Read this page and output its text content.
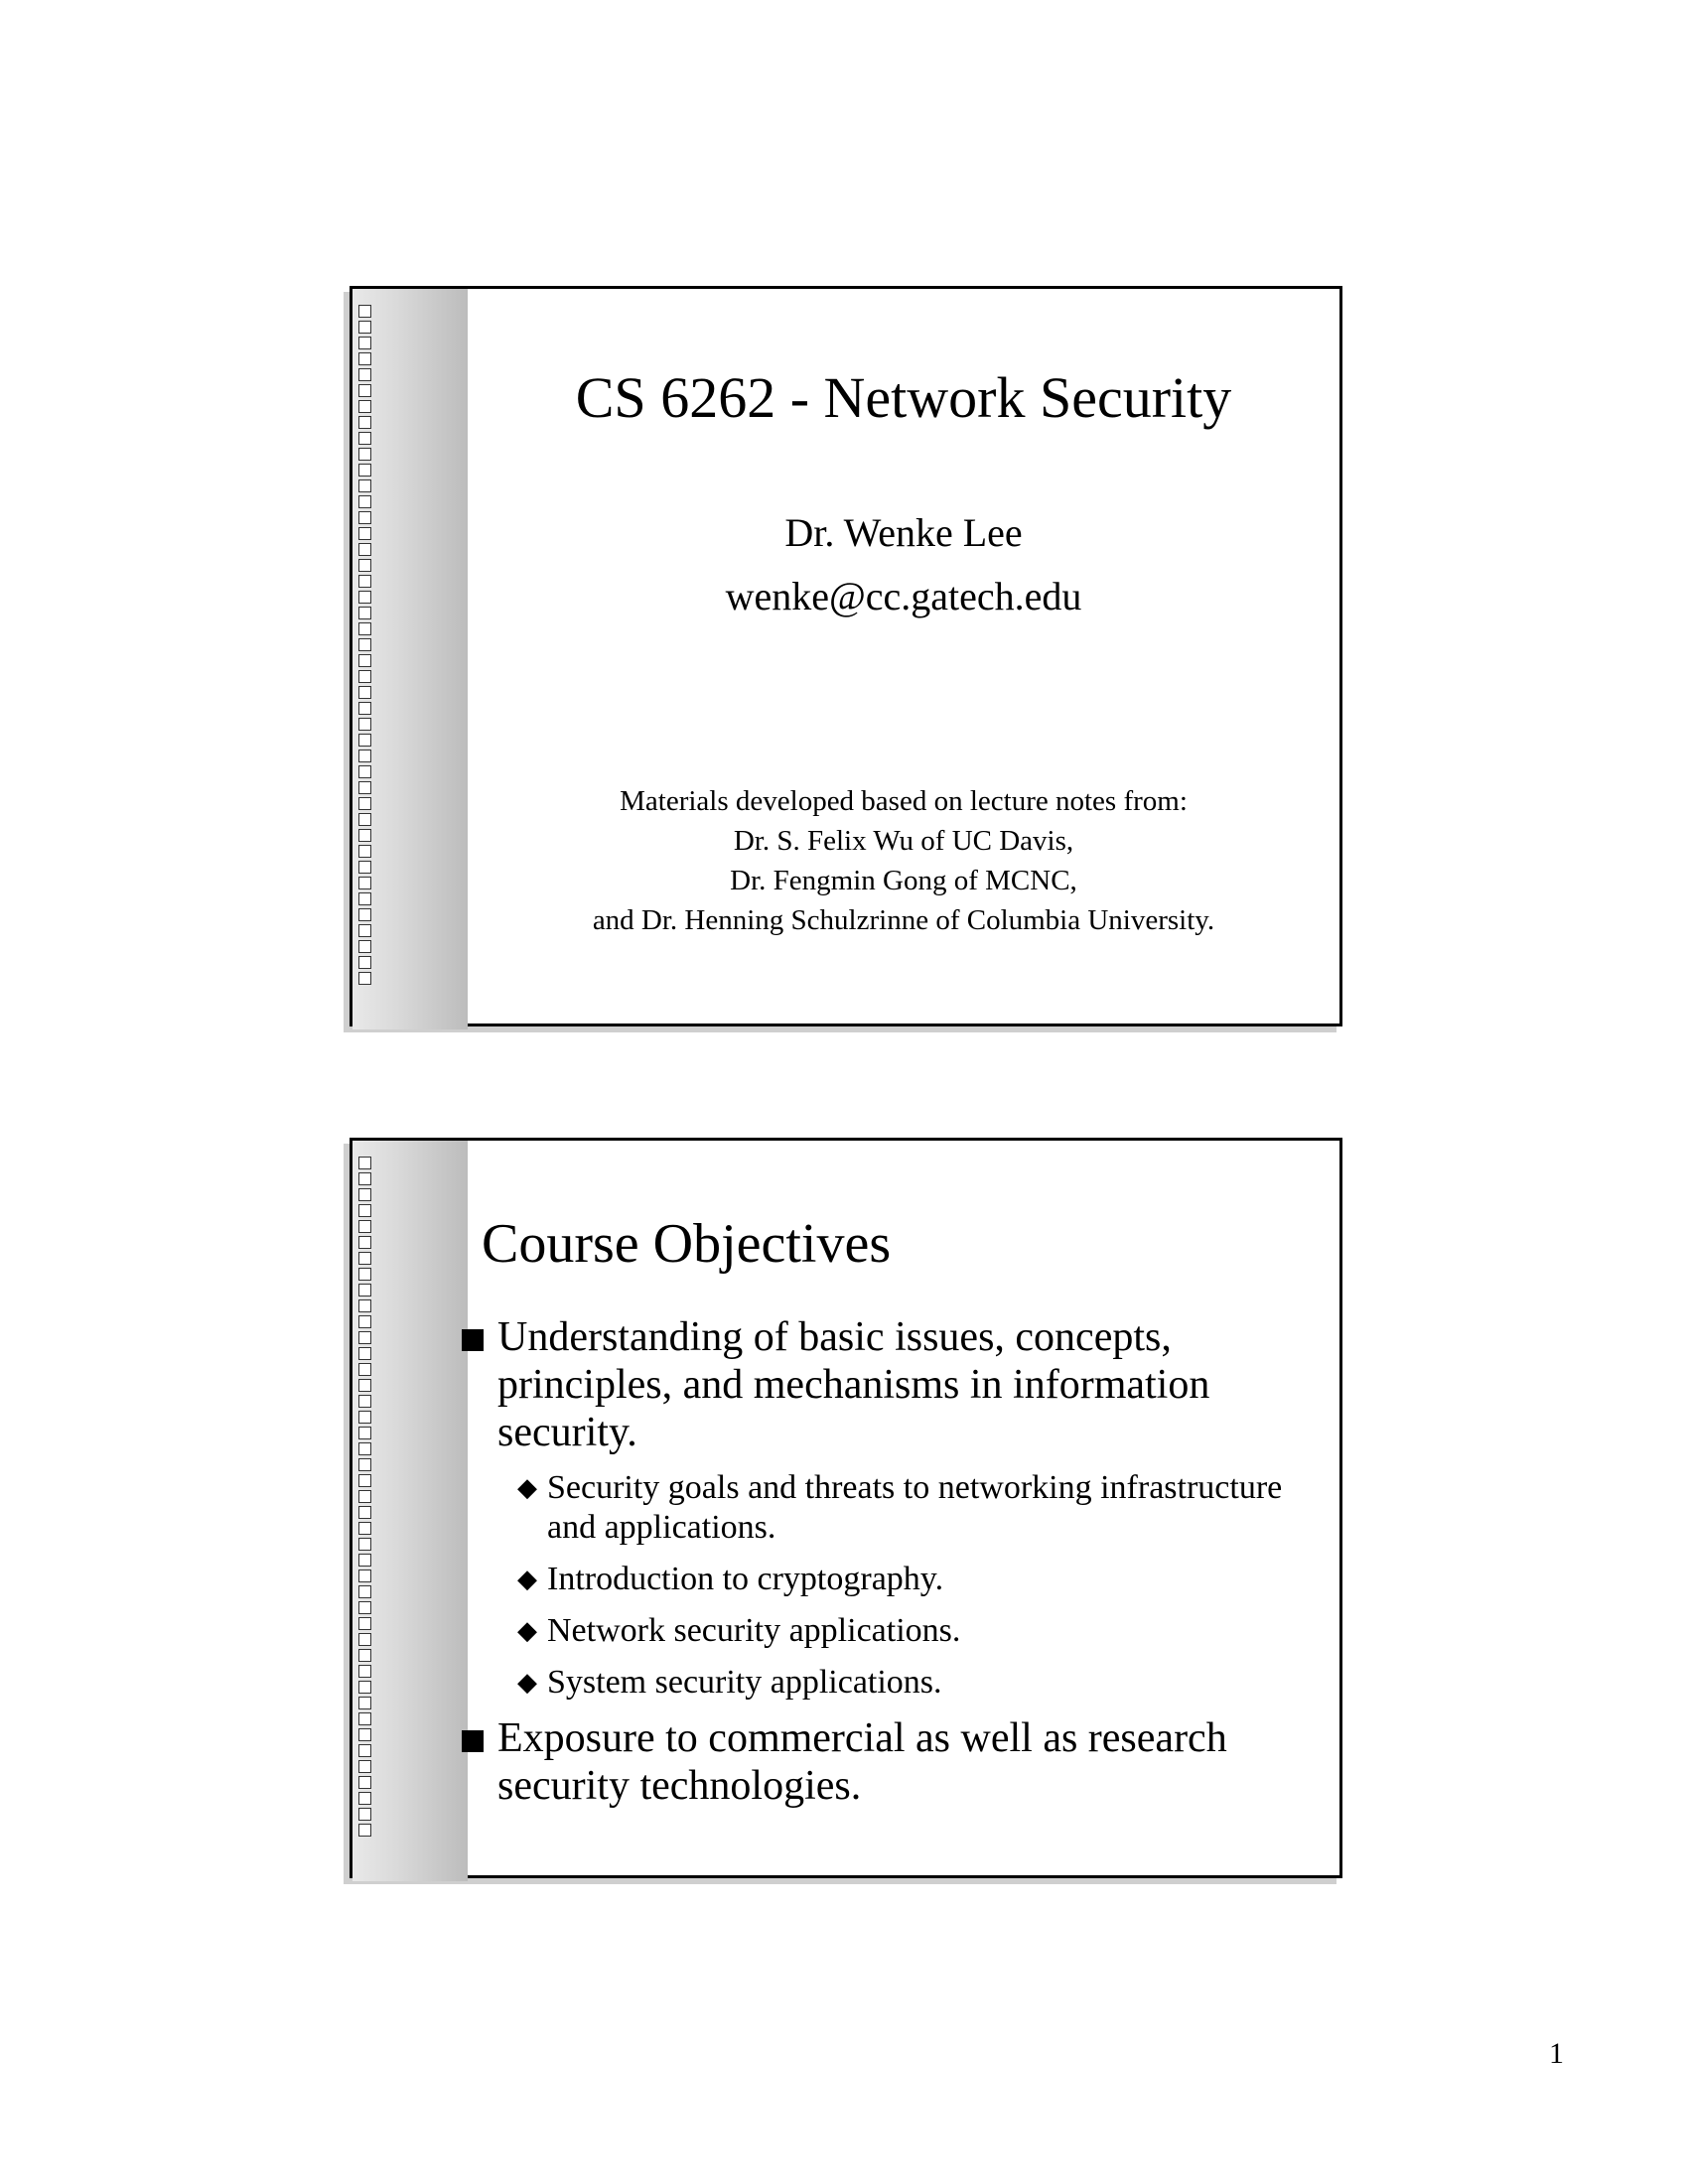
CS 6262 - Network Security
Dr. Wenke Lee
wenke@cc.gatech.edu
Materials developed based on lecture notes from:
Dr. S. Felix Wu of UC Davis,
Dr. Fengmin Gong of MCNC,
and Dr. Henning Schulzrinne of Columbia University.
Course Objectives
Understanding of basic issues, concepts, principles, and mechanisms in information security.
◆ Security goals and threats to networking infrastructure and applications.
◆ Introduction to cryptography.
◆ Network security applications.
◆ System security applications.
Exposure to commercial as well as research security technologies.
1
